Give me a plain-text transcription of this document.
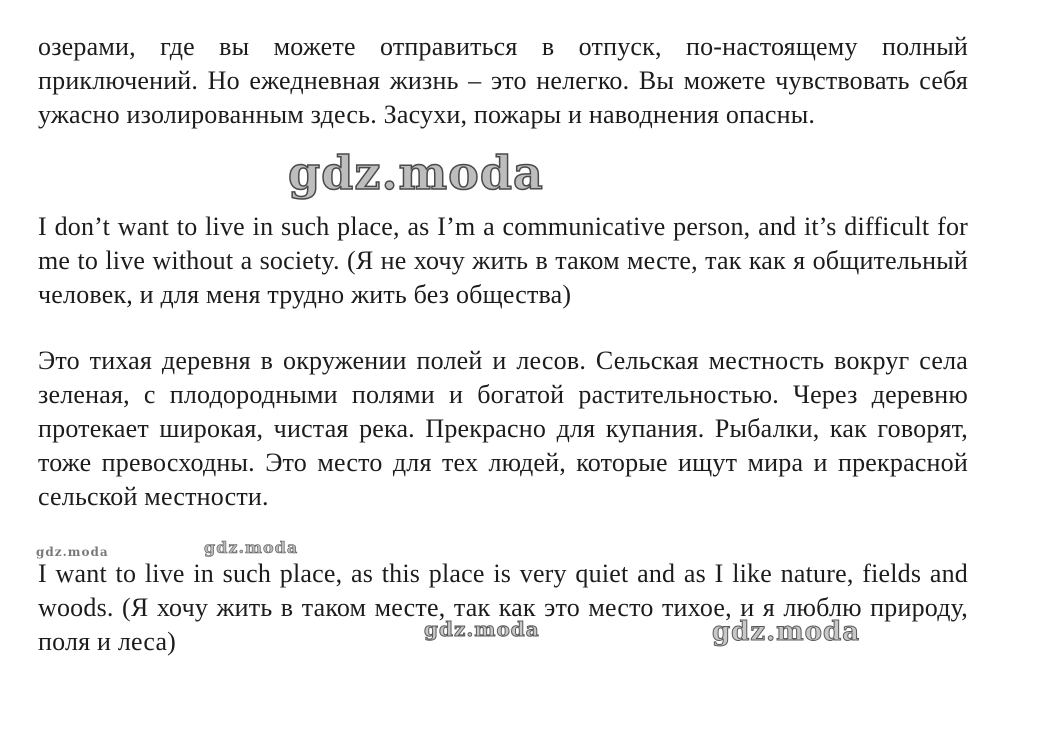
озерами, где вы можете отправиться в отпуск, по-настоящему полный приключений. Но ежедневная жизнь – это нелегко. Вы можете чувствовать себя ужасно изолированным здесь. Засухи, пожары и наводнения опасны.

I don’t want to live in such place, as I’m a communicative person, and it’s difficult for me to live without a society. (Я не хочу жить в таком месте, так как я общительный человек, и для меня трудно жить без общества)

Это тихая деревня в окружении полей и лесов. Сельская местность вокруг села зеленая, с плодородными полями и богатой растительностью. Через деревню протекает широкая, чистая река. Прекрасно для купания. Рыбалки, как говорят, тоже превосходны. Это место для тех людей, которые ищут мира и прекрасной сельской местности.

I want to live in such place, as this place is very quiet and as I like nature, fields and woods. (Я хочу жить в таком месте, так как это место тихое, и я люблю природу, поля и леса)

gdz.moda
gdz.moda	gdz.moda
gdz.moda	gdz.moda
